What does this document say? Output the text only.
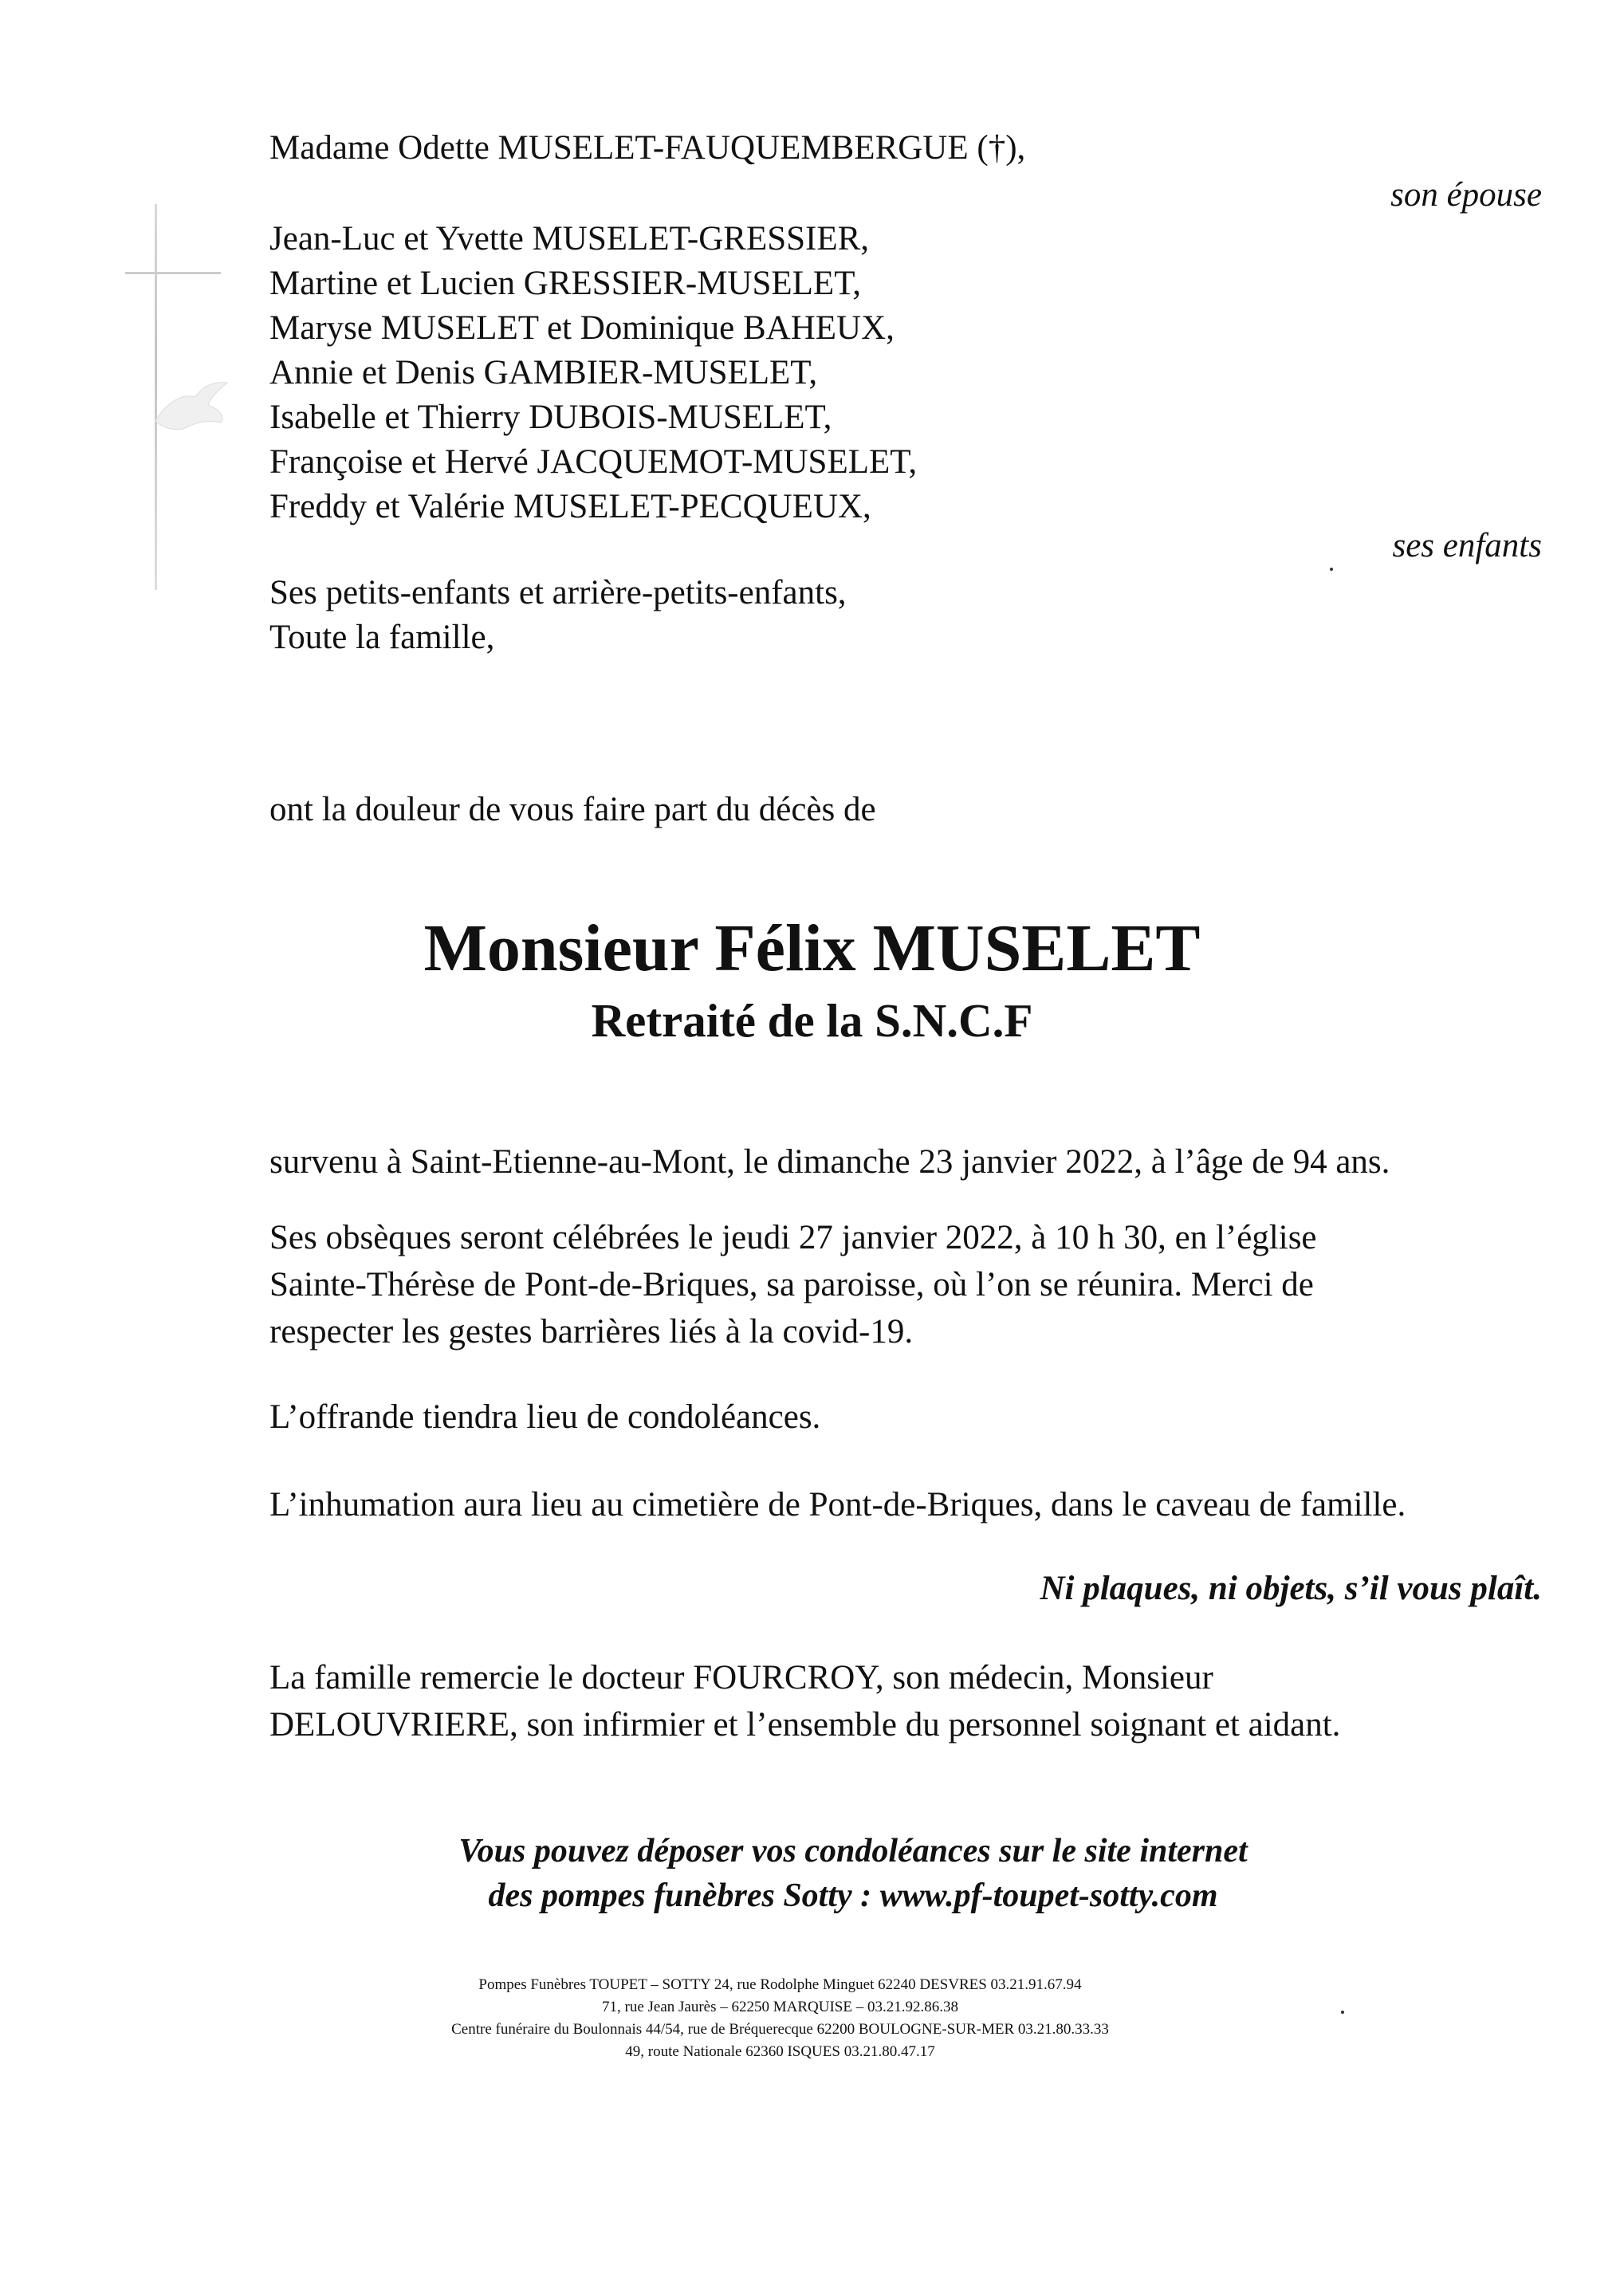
Madame Odette MUSELET-FAUQUEMBERGUE (†),
son épouse
Jean-Luc et Yvette MUSELET-GRESSIER,
Martine et Lucien GRESSIER-MUSELET,
Maryse MUSELET et Dominique BAHEUX,
Annie et Denis GAMBIER-MUSELET,
Isabelle et Thierry DUBOIS-MUSELET,
Françoise et Hervé JACQUEMOT-MUSELET,
Freddy et Valérie MUSELET-PECQUEUX,
ses enfants
Ses petits-enfants et arrière-petits-enfants,
Toute la famille,
ont la douleur de vous faire part du décès de
Monsieur Félix MUSELET
Retraité de la S.N.C.F
survenu à Saint-Etienne-au-Mont, le dimanche 23 janvier 2022, à l’âge de 94 ans.
Ses obsèques seront célébrées le jeudi 27 janvier 2022, à 10 h 30, en l’église
Sainte-Thérèse de Pont-de-Briques, sa paroisse, où l’on se réunira. Merci de
respecter les gestes barrières liés à la covid-19.
L’offrande tiendra lieu de condoléances.
L’inhumation aura lieu au cimetière de Pont-de-Briques, dans le caveau de famille.
Ni plaques, ni objets, s’il vous plaît.
La famille remercie le docteur FOURCROY, son médecin, Monsieur
DELOUVRIERE, son infirmier et l’ensemble du personnel soignant et aidant.
Vous pouvez déposer vos condoléances sur le site internet
des pompes funèbres Sotty : www.pf-toupet-sotty.com
Pompes Funèbres TOUPET – SOTTY 24, rue Rodolphe Minguet 62240 DESVRES 03.21.91.67.94
71, rue Jean Jaurès – 62250 MARQUISE – 03.21.92.86.38
Centre funéraire du Boulonnais 44/54, rue de Bréquerecque 62200 BOULOGNE-SUR-MER 03.21.80.33.33
49, route Nationale 62360 ISQUES 03.21.80.47.17
